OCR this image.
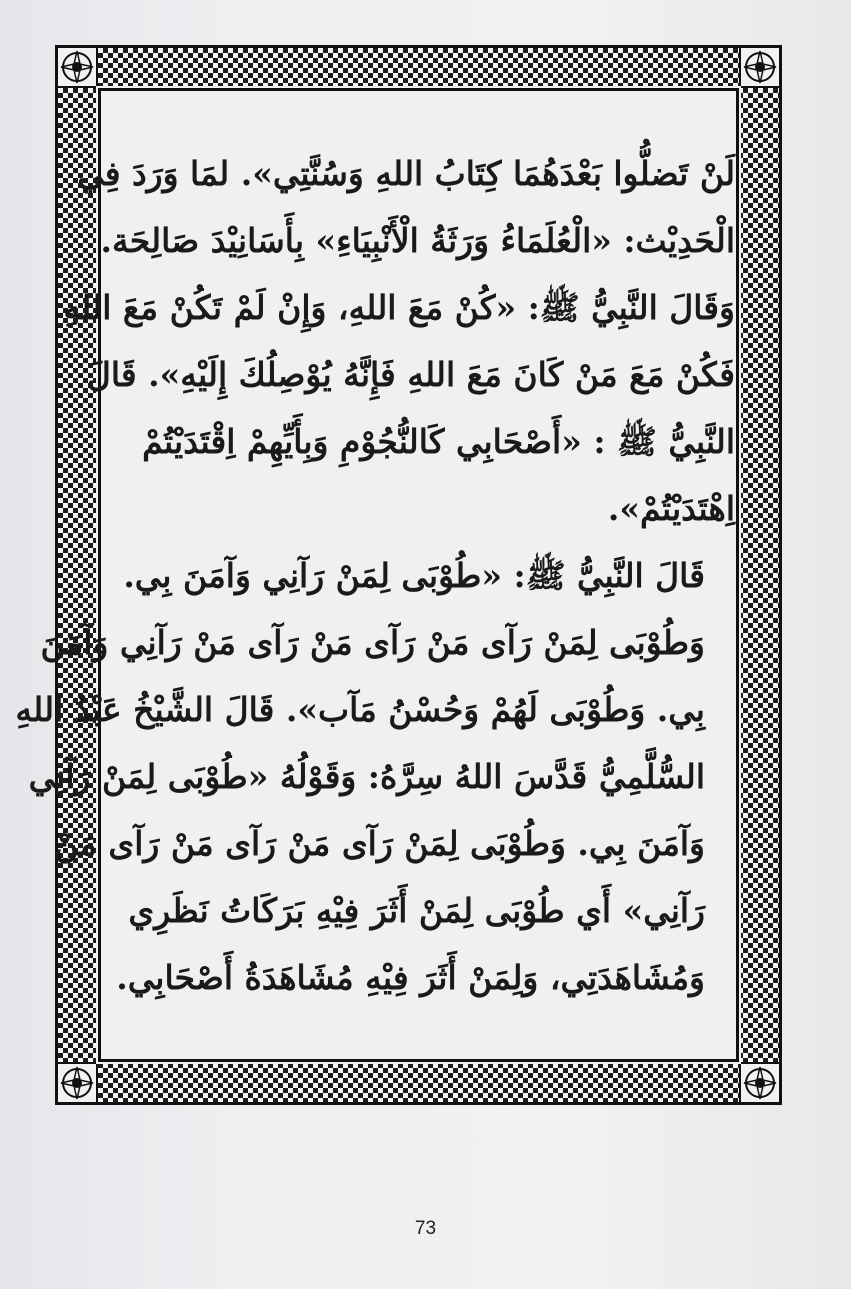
لَنْ تَضلُّوا بَعْدَهُمَا كِتَابُ اللهِ وَسُنَّتِي». لمَا وَرَدَ فِي
الْحَدِيْث: «الْعُلَمَاءُ وَرَثَةُ الْأَنْبِيَاءِ» بِأَسَانِيْدَ صَالِحَة.
وَقَالَ النَّبِيُّ ﷺ: «كُنْ مَعَ اللهِ، وَإِنْ لَمْ تَكُنْ مَعَ اللهِ
فَكُنْ مَعَ مَنْ كَانَ مَعَ اللهِ فَإِنَّهُ يُوْصِلُكَ إِلَيْهِ». قَالَ
النَّبِيُّ ﷺ : «أَصْحَابِي كَالنُّجُوْمِ وَبِأَيِّهِمْ اِقْتَدَيْتُمْ
اِهْتَدَيْتُمْ».

قَالَ النَّبِيُّ ﷺ: «طُوْبَى لِمَنْ رَآنِي وَآمَنَ بِي.
وَطُوْبَى لِمَنْ رَآى مَنْ رَآى مَنْ رَآى مَنْ رَآنِي وَآمَنَ
بِي. وَطُوْبَى لَهُمْ وَحُسْنُ مَآب». قَالَ الشَّيْخُ عَبْدُ اللهِ
السُّلَّمِيُّ قَدَّسَ اللهُ سِرَّهُ: وَقَوْلُهُ «طُوْبَى لِمَنْ رَآنِي
وَآمَنَ بِي. وَطُوْبَى لِمَنْ رَآى مَنْ رَآى مَنْ رَآى مَنْ
رَآنِي» أَي طُوْبَى لِمَنْ أَثَرَ فِيْهِ بَرَكَاتُ نَظَرِي
وَمُشَاهَدَتِي، وَلِمَنْ أَثَرَ فِيْهِ مُشَاهَدَةُ أَصْحَابِي.

73
